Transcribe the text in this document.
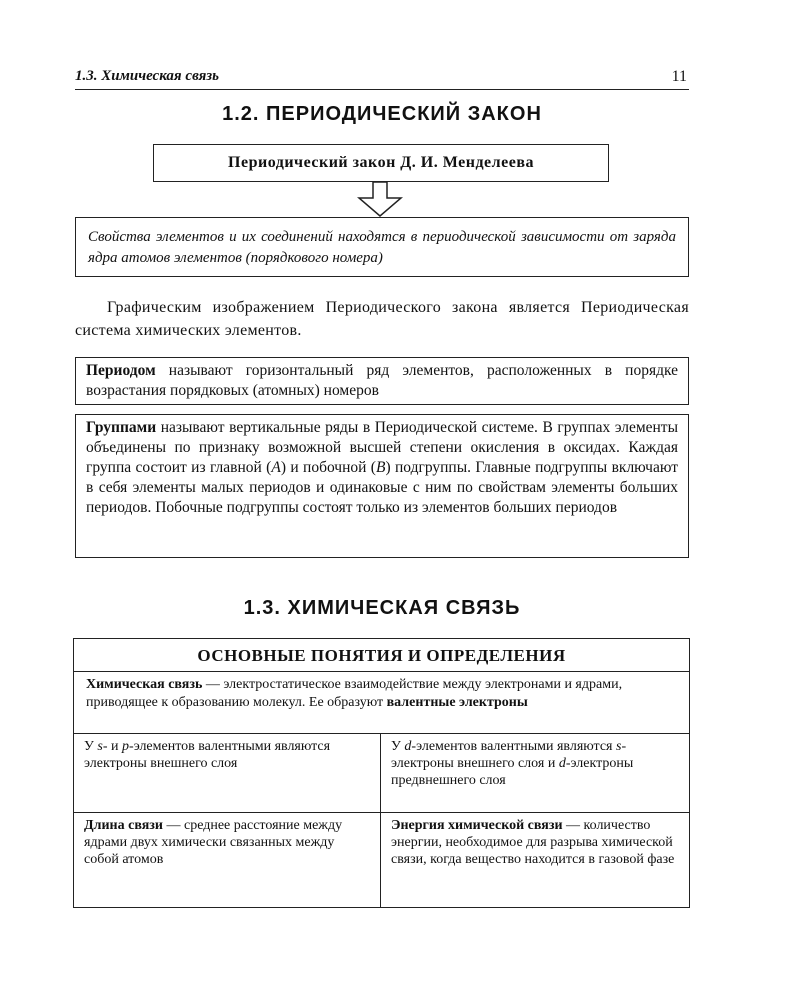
1.3. Химическая связь	11
1.2. ПЕРИОДИЧЕСКИЙ ЗАКОН
Периодический закон Д. И. Менделеева
Свойства элементов и их соединений находятся в периодической зависимости от заряда ядра атомов элементов (порядкового номера)
Графическим изображением Периодического закона является Периодическая система химических элементов.
Периодом называют горизонтальный ряд элементов, расположенных в порядке возрастания порядковых (атомных) номеров
Группами называют вертикальные ряды в Периодической системе. В группах элементы объединены по признаку возможной высшей степени окисления в оксидах. Каждая группа состоит из главной (A) и побочной (B) подгруппы. Главные подгруппы включают в себя элементы малых периодов и одинаковые с ним по свойствам элементы больших периодов. Побочные подгруппы состоят только из элементов больших периодов
1.3. ХИМИЧЕСКАЯ СВЯЗЬ
ОСНОВНЫЕ ПОНЯТИЯ И ОПРЕДЕЛЕНИЯ
Химическая связь — электростатическое взаимодействие между электронами и ядрами, приводящее к образованию молекул. Ее образуют валентные электроны
У s- и p-элементов валентными являются электроны внешнего слоя
У d-элементов валентными являются s-электроны внешнего слоя и d-электроны предвнешнего слоя
Длина связи — среднее расстояние между ядрами двух химически связанных между собой атомов
Энергия химической связи — количество энергии, необходимое для разрыва химической связи, когда вещество находится в газовой фазе
